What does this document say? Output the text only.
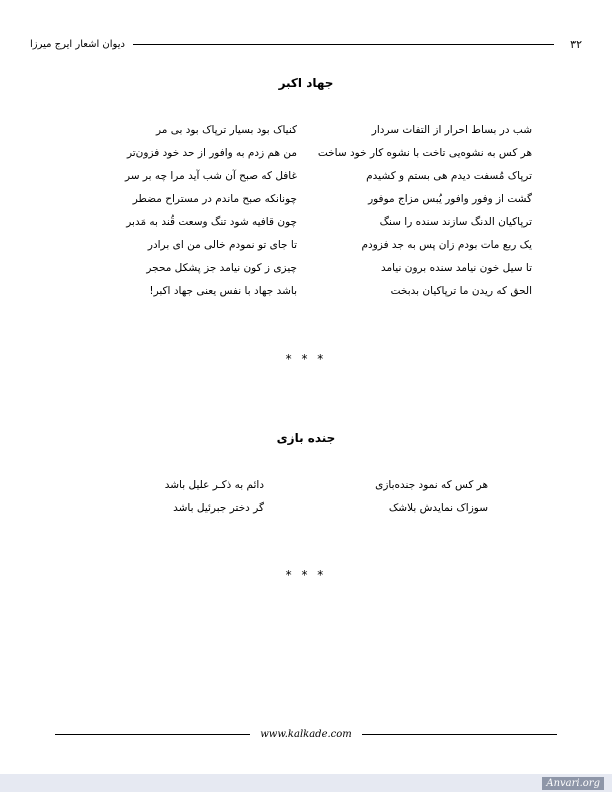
۳۲
دیوان اشعار ایرج میرزا
جهاد اکبر
شب در بساط احرار از التفات سردار
کنیاک بود بسیار ترپاک بود بی مر
هر کس به نشوه‌یی تاخت با نشوه کار خود ساخت
من هم زدم به وافور از حد خود فزون‌تر
ترپاک مُسفت دیدم هی بستم و کشیدم
غافل که صبح آن شب آید مرا چه بر سر
گشت از وفور وافور یُبس مزاج موفور
چونانکه صبح ماندم در مستراح مضطر
ترپاکیان الدنگ سازند سنده را سنگ
چون قافیه شود تنگ وسعت قُند به مَدبر
یک ربع مات بودم زان پس به جد فزودم
تا جای تو نمودم خالی من ای برادر
تا سیل خون نیامد سنده برون نیامد
چیزی ز کون نیامد جز پشکل محجر
الحق که ریدن ما ترپاکیان بدبخت
باشد جهاد با نفس یعنی جهاد اکبر!
* * *
جنده بازی
هر کس که نمود جنده‌بازی
دائم به ذکـر علیل باشد
سوزاک نمایدش بلاشک
گر دختر جبرئیل باشد
* * *
www.kalkade.com
Anvari.org
